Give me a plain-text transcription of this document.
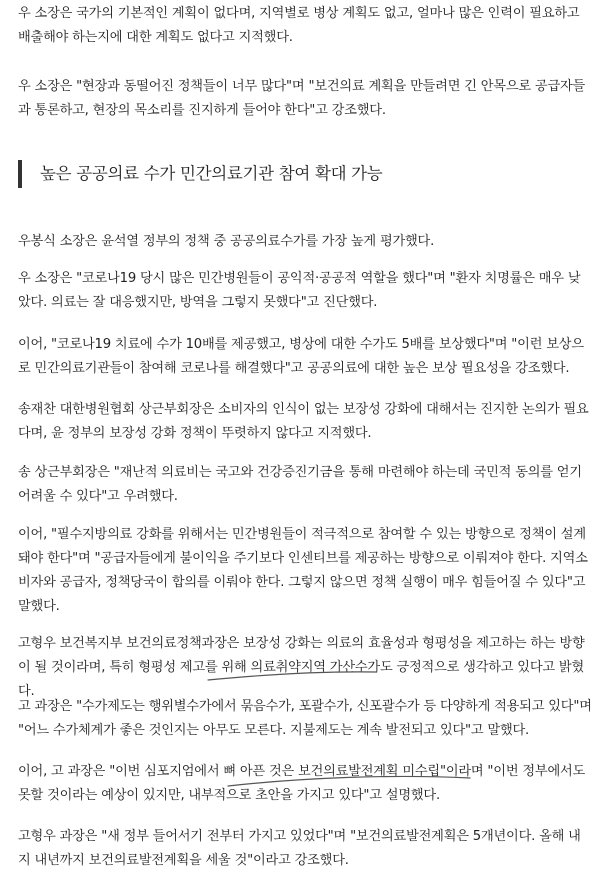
우 소장은 국가의 기본적인 계획이 없다며, 지역별로 병상 계획도 없고, 얼마나 많은 인력이 필요하고 배출해야 하는지에 대한 계획도 없다고 지적했다.

우 소장은 "현장과 동떨어진 정책들이 너무 많다"며 "보건의료 계획을 만들려면 긴 안목으로 공급자들과 통론하고, 현장의 목소리를 진지하게 들어야 한다"고 강조했다.

높은 공공의료 수가 민간의료기관 참여 확대 가능

우봉식 소장은 윤석열 정부의 정책 중 공공의료수가를 가장 높게 평가했다.

우 소장은 "코로나19 당시 많은 민간병원들이 공익적·공공적 역할을 했다"며 "환자 치명률은 매우 낮았다. 의료는 잘 대응했지만, 방역을 그렇지 못했다"고 진단했다.

이어, "코로나19 치료에 수가 10배를 제공했고, 병상에 대한 수가도 5배를 보상했다"며 "이런 보상으로 민간의료기관들이 참여해 코로나를 해결했다"고 공공의료에 대한 높은 보상 필요성을 강조했다.

송재찬 대한병원협회 상근부회장은 소비자의 인식이 없는 보장성 강화에 대해서는 진지한 논의가 필요다며, 윤 정부의 보장성 강화 정책이 뚜렷하지 않다고 지적했다.

송 상근부회장은 "재난적 의료비는 국고와 건강증진기금을 통해 마련해야 하는데 국민적 동의를 얻기 어려울 수 있다"고 우려했다.

이어, "필수지방의료 강화를 위해서는 민간병원들이 적극적으로 참여할 수 있는 방향으로 정책이 설계돼야 한다"며 "공급자들에게 불이익을 주기보다 인센티브를 제공하는 방향으로 이뤄져야 한다. 지역소비자와 공급자, 정책당국이 합의를 이뤄야 한다. 그렇지 않으면 정책 실행이 매우 힘들어질 수 있다"고 말했다.

고형우 보건복지부 보건의료정책과장은 보장성 강화는 의료의 효율성과 형평성을 제고하는 하는 방향이 될 것이라며, 특히 형평성 제고를 위해 의료취약지역 가산수가도 긍정적으로 생각하고 있다고 밝혔다.

고 과장은 "수가제도는 행위별수가에서 묶음수가, 포괄수가, 신포괄수가 등 다양하게 적용되고 있다"며 "어느 수가체계가 좋은 것인지는 아무도 모른다. 지불제도는 계속 발전되고 있다"고 말했다.

이어, 고 과장은 "이번 심포지엄에서 뼈 아픈 것은 보건의료발전계획 미수립"이라며 "이번 정부에서도 못할 것이라는 예상이 있지만, 내부적으로 초안을 가지고 있다"고 설명했다.

고형우 과장은 "새 정부 들어서기 전부터 가지고 있었다"며 "보건의료발전계획은 5개년이다. 올해 내지 내년까지 보건의료발전계획을 세울 것"이라고 강조했다.
